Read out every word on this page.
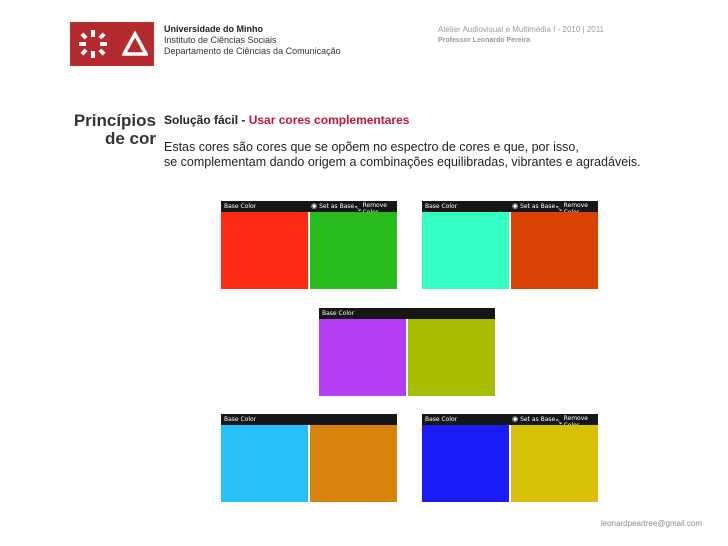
Universidade do Minho
Instituto de Ciências Sociais
Departamento de Ciências da Comunicação
Atelier Audiovisual e Multimédia I - 2010 | 2011
Professor Leonardo Pereira
Princípios
de cor
Solução fácil - Usar cores complementares
Estas cores são cores que se opõem no espectro de cores e que, por isso,
se complementam dando origem a combinações equilibradas, vibrantes e agradáveis.
Base Color	◉ Set as Base ⤡ Remove	Base Color	◉ Set as Base ⤡ Remove
Base Color
Base Color	Base Color	◉ Set as Base ⤡ Remove
leonardpeartree@gmail.com
